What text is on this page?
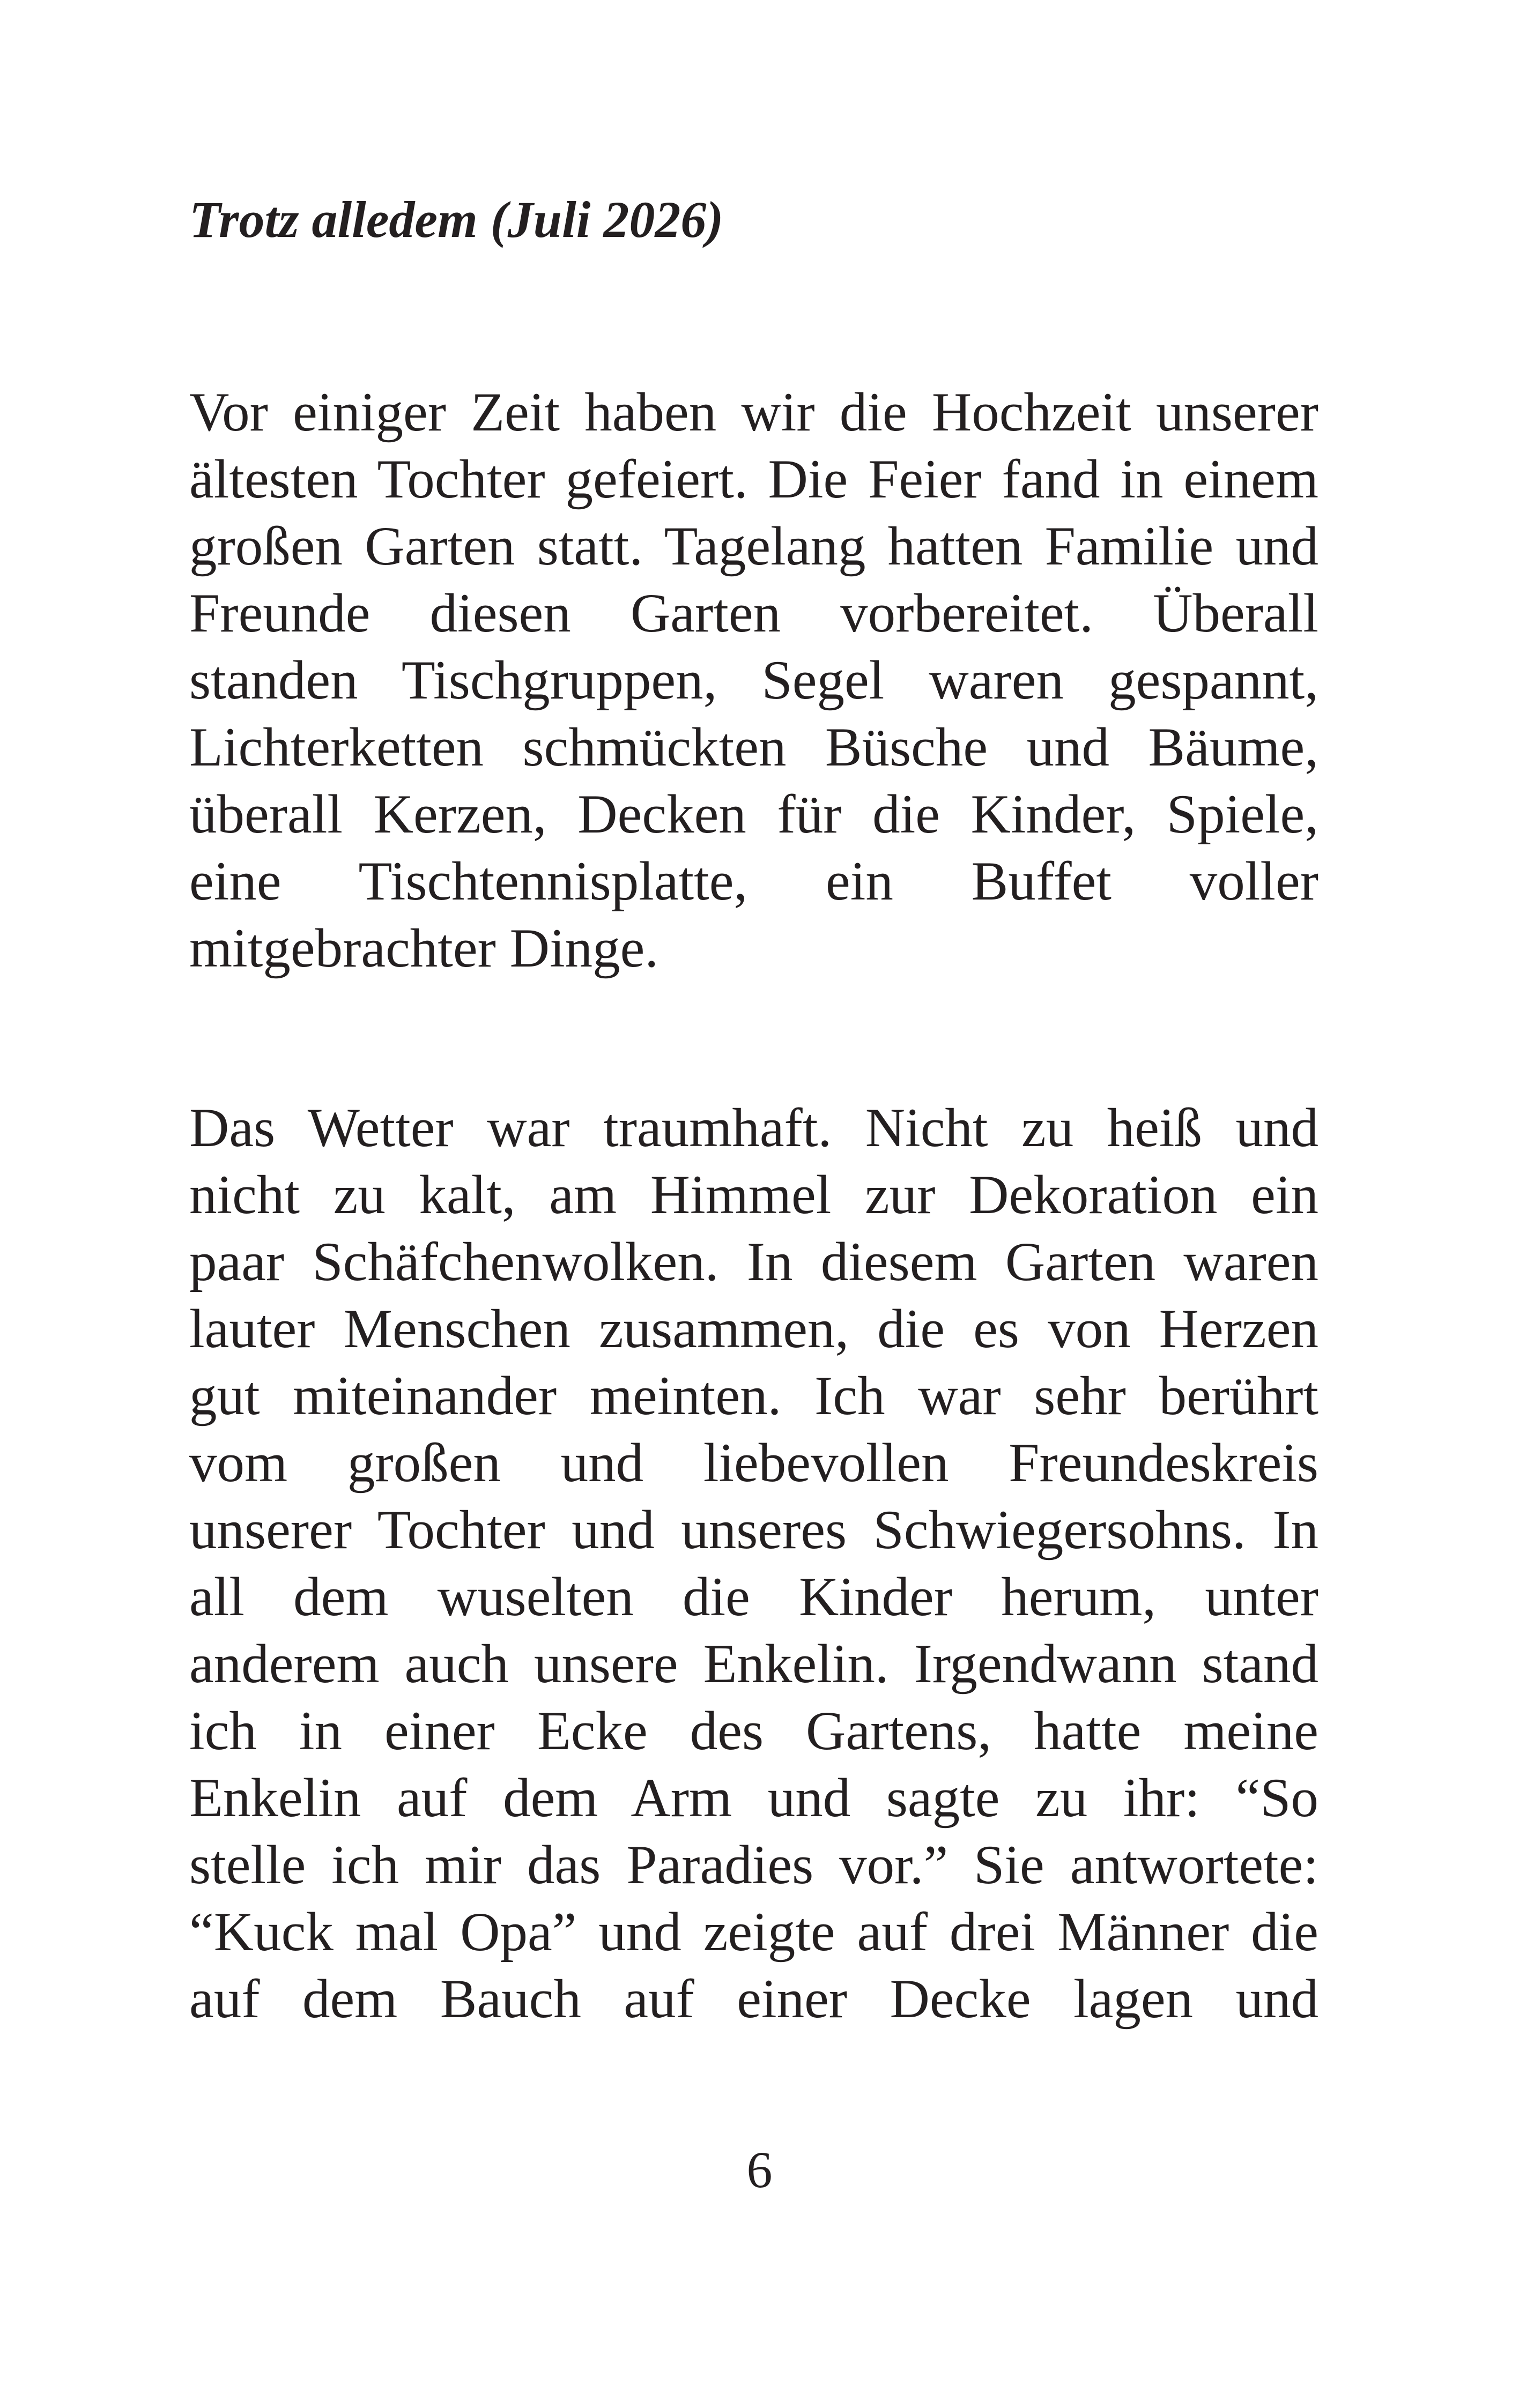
Trotz alledem (Juli 2026)
Vor einiger Zeit haben wir die Hochzeit unserer
ältesten Tochter gefeiert. Die Feier fand in einem
großen Garten statt. Tagelang hatten Familie und
Freunde diesen Garten vorbereitet. Überall
standen Tischgruppen, Segel waren gespannt,
Lichterketten schmückten Büsche und Bäume,
überall Kerzen, Decken für die Kinder, Spiele,
eine Tischtennisplatte, ein Buffet voller
mitgebrachter Dinge.
Das Wetter war traumhaft. Nicht zu heiß und
nicht zu kalt, am Himmel zur Dekoration ein
paar Schäfchenwolken. In diesem Garten waren
lauter Menschen zusammen, die es von Herzen
gut miteinander meinten. Ich war sehr berührt
vom großen und liebevollen Freundeskreis
unserer Tochter und unseres Schwiegersohns. In
all dem wuselten die Kinder herum, unter
anderem auch unsere Enkelin. Irgendwann stand
ich in einer Ecke des Gartens, hatte meine
Enkelin auf dem Arm und sagte zu ihr: “So
stelle ich mir das Paradies vor.” Sie antwortete:
“Kuck mal Opa” und zeigte auf drei Männer die
auf dem Bauch auf einer Decke lagen und

6
